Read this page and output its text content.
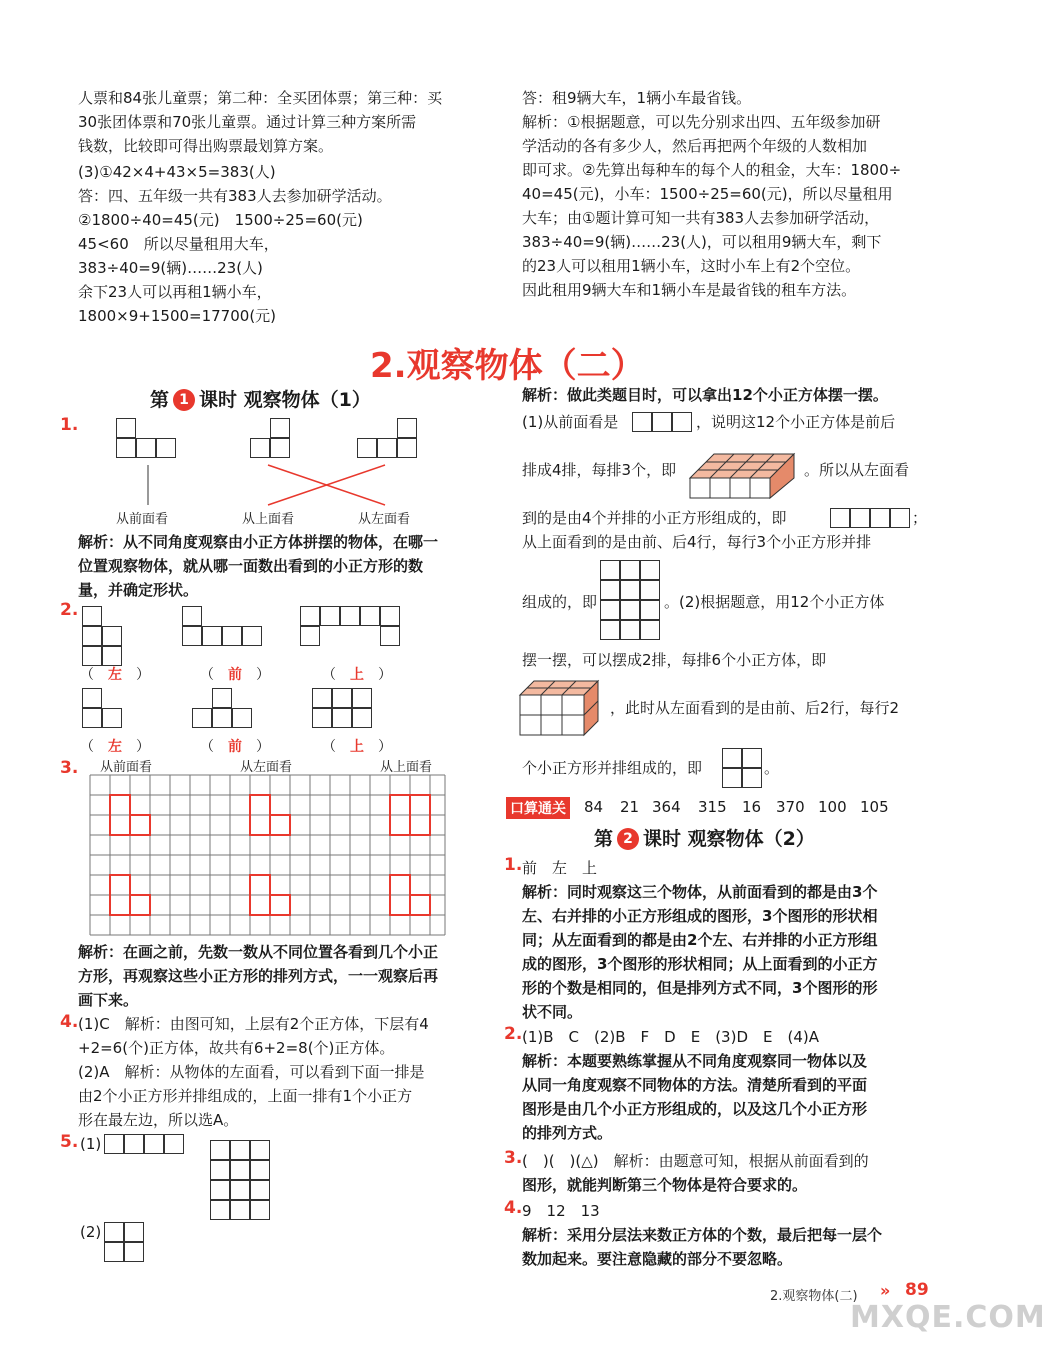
人票和84张儿童票；第二种：全买团体票；第三种：买
30张团体票和70张儿童票。通过计算三种方案所需
钱数，比较即可得出购票最划算方案。
(3)①42×4+43×5=383(人)
答：四、五年级一共有383人去参加研学活动。
②1800÷40=45(元)　1500÷25=60(元)
45<60　所以尽量租用大车，
383÷40=9(辆)……23(人)
余下23人可以再租1辆小车，
1800×9+1500=17700(元)
答：租9辆大车，1辆小车最省钱。
解析：①根据题意，可以先分别求出四、五年级参加研
学活动的各有多少人，然后再把两个年级的人数相加
即可求。②先算出每种车的每个人的租金，大车：1800÷
40=45(元)，小车：1500÷25=60(元)，所以尽量租用
大车；由①题计算可知一共有383人去参加研学活动，
383÷40=9(辆)……23(人)，可以租用9辆大车，剩下
的23人可以租用1辆小车，这时小车上有2个空位。
因此租用9辆大车和1辆小车是最省钱的租车方法。
2.观察物体（二）
第 1 课时 观察物体（1）
1.
从前面看	从上面看	从左面看
解析：从不同角度观察由小正方体拼摆的物体，在哪一
位置观察物体，就从哪一面数出看到的小正方形的数
量，并确定形状。
2.
（　左　）	（　前　）	（　上　）
（　左　）	（　前　）	（　上　）
3. 从前面看	从左面看	从上面看
解析：在画之前，先数一数从不同位置各看到几个小正
方形，再观察这些小正方形的排列方式，一一观察后再
画下来。
4. (1)C　解析：由图可知，上层有2个正方体，下层有4
+2=6(个)正方体，故共有6+2=8(个)正方体。
(2)A　解析：从物体的左面看，可以看到下面一排是
由2个小正方形并排组成的，上面一排有1个小正方
形在最左边，所以选A。
5. (1)
(2)
解析：做此类题目时，可以拿出12个小正方体摆一摆。
(1)从前面看是	，说明这12个小正方体是前后
排成4排，每排3个，即	。所以从左面看
到的是由4个并排的小正方形组成的，即	；
从上面看到的是由前、后4行，每行3个小正方形并排
组成的，即	。(2)根据题意，用12个小正方体
摆一摆，可以摆成2排，每排6个小正方体，即
，此时从左面看到的是由前、后2行，每行2
个小正方形并排组成的，即	。
口算通关 84 21 364 315 16 370 100 105
第 2 课时 观察物体（2）
1. 前　左　上
解析：同时观察这三个物体，从前面看到的都是由3个
左、右并排的小正方形组成的图形，3个图形的形状相
同；从左面看到的都是由2个左、右并排的小正方形组
成的图形，3个图形的形状相同；从上面看到的小正方
形的个数是相同的，但是排列方式不同，3个图形的形
状不同。
2. (1)B　C　(2)B　F　D　E　(3)D　E　(4)A
解析：本题要熟练掌握从不同角度观察同一物体以及
从同一角度观察不同物体的方法。清楚所看到的平面
图形是由几个小正方形组成的，以及这几个小正方形
的排列方式。
3. (　)(　)(△)　解析：由题意可知，根据从前面看到的
图形，就能判断第三个物体是符合要求的。
4. 9　12　13
解析：采用分层法来数正方体的个数，最后把每一层个
数加起来。要注意隐藏的部分不要忽略。
2.观察物体(二) » 89
MXQE.COM
